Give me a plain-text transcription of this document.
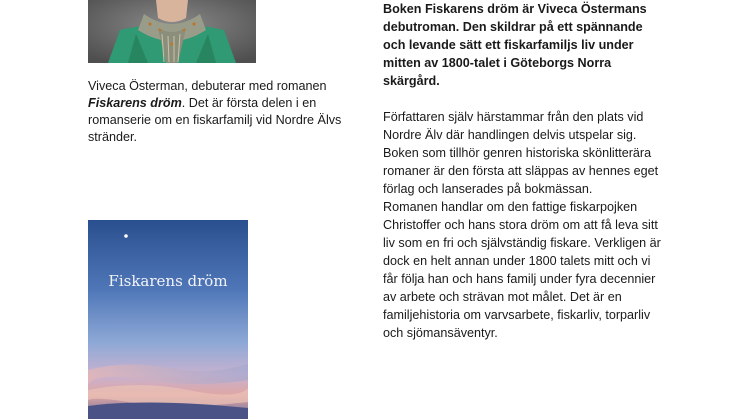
Viveca Österman, debuterar med romanen Fiskarens dröm. Det är första delen i en romanserie om en fiskarfamilj vid Nordre Älvs stränder.
Fiskarens dröm

Boken Fiskarens dröm är Viveca Östermans debutroman. Den skildrar på ett spännande och levande sätt ett fiskarfamiljs liv under mitten av 1800-talet i Göteborgs Norra skärgård.

Författaren själv härstammar från den plats vid Nordre Älv där handlingen delvis utspelar sig.

Boken som tillhör genren historiska skönlitterära romaner är den första att släppas av hennes eget förlag och lanserades på bokmässan.

Romanen handlar om den fattige fiskarpojken Christoffer och hans stora dröm om att få leva sitt liv som en fri och självständig fiskare. Verkligen är dock en helt annan under 1800 talets mitt och vi får följa han och hans familj under fyra decennier av arbete och strävan mot målet. Det är en familjehistoria om varvsarbete, fiskarliv, torparliv och sjömansäventyr.
